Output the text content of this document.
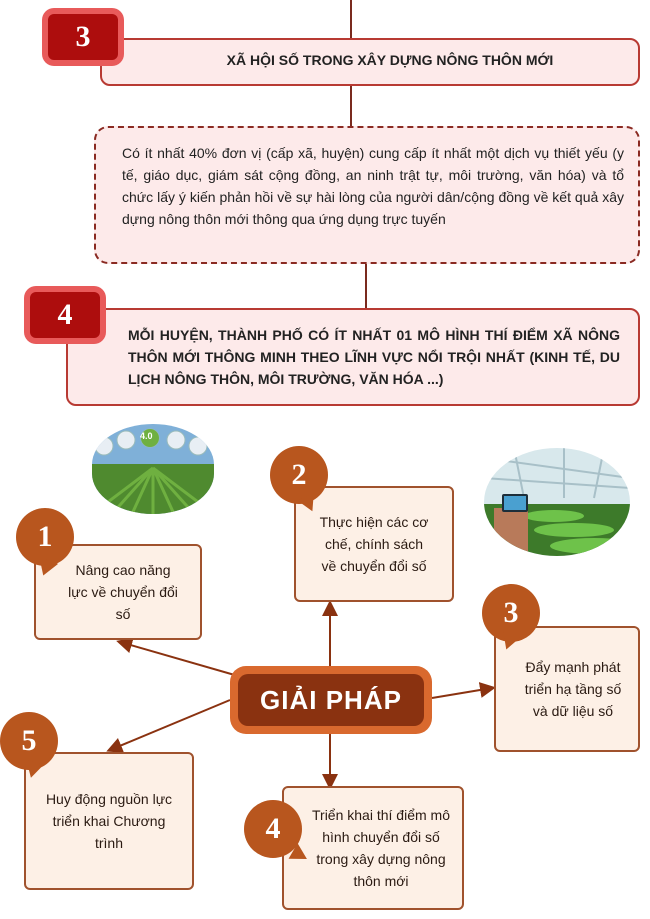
XÃ HỘI SỐ TRONG XÂY DỰNG NÔNG THÔN MỚI
3
Có ít nhất 40% đơn vị (cấp xã, huyện) cung cấp ít nhất một dịch vụ thiết yếu (y tế, giáo dục, giám sát cộng đồng, an ninh trật tự, môi trường, văn hóa) và tổ chức lấy ý kiến phản hồi về sự hài lòng của người dân/cộng đồng về kết quả xây dựng nông thôn mới thông qua ứng dụng trực tuyến
MỖI HUYỆN, THÀNH PHỐ CÓ ÍT NHẤT 01 MÔ HÌNH THÍ ĐIỂM XÃ NÔNG THÔN MỚI THÔNG MINH THEO LĨNH VỰC NỔI TRỘI NHẤT (KINH TẾ, DU LỊCH NÔNG THÔN, MÔI TRƯỜNG, VĂN HÓA ...)
4
4.0
Nâng cao năng lực về chuyển đổi số
1	Thực hiện các cơ chế, chính sách về chuyển đổi số
2
Đẩy mạnh phát triển hạ tầng số và dữ liệu số
3
Triển khai thí điểm mô hình chuyển đổi số trong xây dựng nông thôn mới
4
Huy động nguồn lực triển khai Chương trình
5
GIẢI PHÁP
